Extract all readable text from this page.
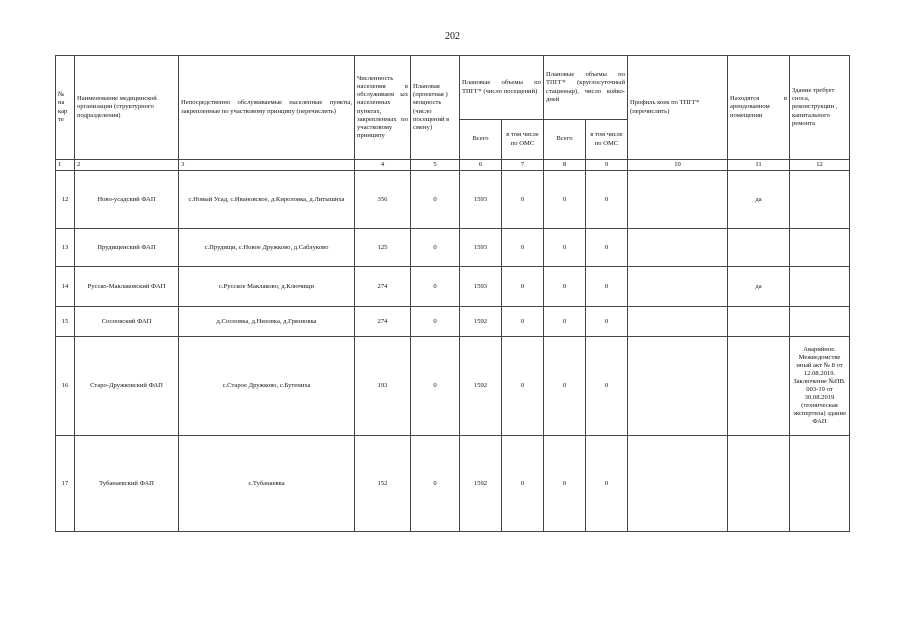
202
№ на кар те	Наименование медицинской организации (структурного подразделения)	Непосредственно обслуживаемые населенные пункты, закрепленные по участковому принципу (перечислить)	Численность населения в обслуживаем ых населенных пунктах, закрепленных по участковому принципу	Плановая (проектная ) мощность (число посещений в смену)	Плановые объемы по ТПГГ* (число посещений)		Плановые объемы по ТПГГ* (круглосуточный стационар), число койко-дней		Профиль коек по ТПГГ* (перечислить)	Находятся в арендованном помещении	Здание требует сноса, реконструкции , капитального ремонта
					Всего	в том числе по ОМС	Всего	в том числе по ОМС			
1	2	3	4	5	6	7	8	9	10	11	12
12	Ново-усадский ФАП	с.Новый Усад, с.Ивановское, д.Кироловка, д.Литышиха	356	0	1593	0	0	0		да	
13	Прудищенский ФАП	с.Прудищи, с.Новое Дружково, д.Саблуково	125	0	1593	0	0	0			
14	Русско-Маклаковский ФАП	с.Русское Маклаково, д.Ключищи	274	0	1593	0	0	0		да	
15	Сосновский ФАП	д.Сосновка, д.Низовка, д.Грязновка	274	0	1592	0	0	0			
16	Старо-Дружковский ФАП	с.Старое Дружково, с.Бутениха	193	0	1592	0	0	0			Аварийное. Межведомстве нный акт № 8 от 12.08.2019. Заключение №ПВ. 003-19 от 30.08.2019 (техническая экспертиза) здание ФАП
17	Тубанаевский ФАП	с.Тубанаевка	152	0	1592	0	0	0			
